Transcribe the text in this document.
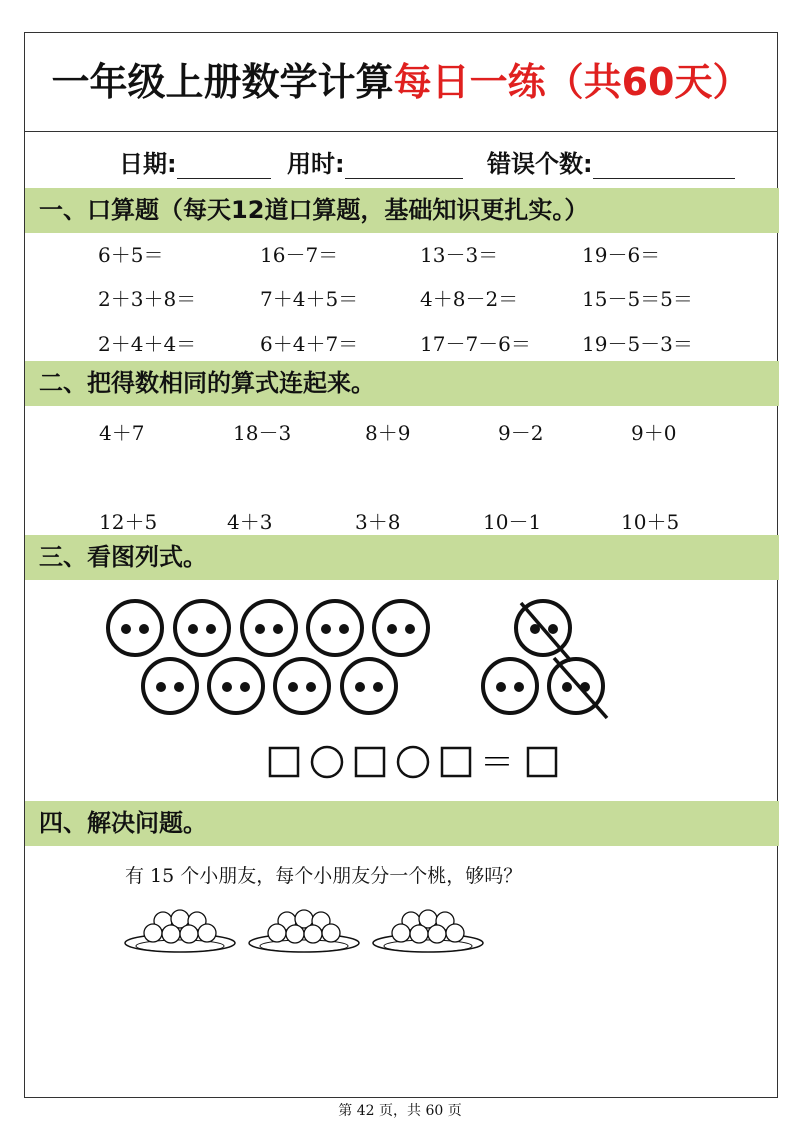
一年级上册数学计算每日一练（共60天）
日期:	用时:	错误个数:
一、口算题（每天12道口算题，基础知识更扎实。）
6＋5＝	16－7＝	13－3＝	19－6＝
2＋3＋8＝	7＋4＋5＝	4＋8－2＝	15－5＝5＝
2＋4＋4＝	6＋4＋7＝	17－7－6＝	19－5－3＝
二、把得数相同的算式连起来。
4＋7	18－3	8＋9	9－2	9＋0
12＋5	4＋3	3＋8	10－1	10＋5
三、看图列式。
＝
四、解决问题。
有 15 个小朋友，每个小朋友分一个桃，够吗？
第 42 页，共 60 页
